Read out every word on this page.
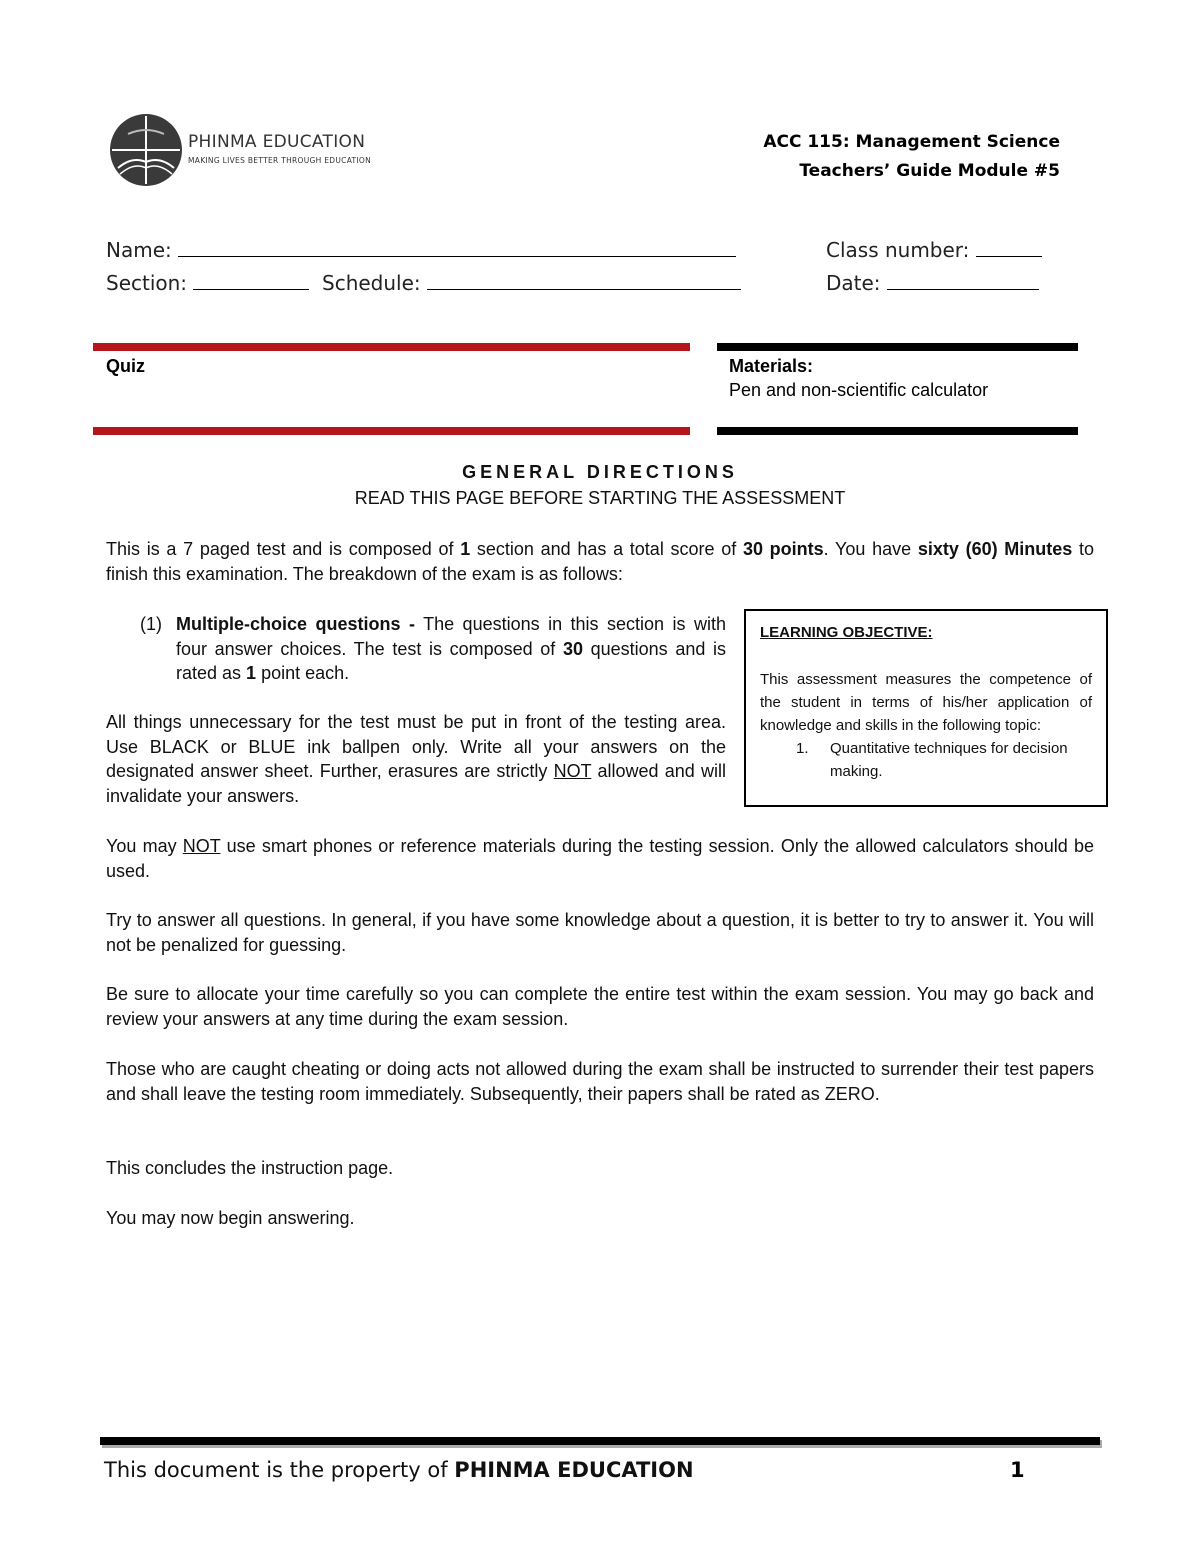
PHINMA EDUCATION
MAKING LIVES BETTER THROUGH EDUCATION
ACC 115: Management Science
Teachers’ Guide Module #5
Name:	Class number:
Section:	Schedule:	Date:
Quiz	Materials:
Pen and non-scientific calculator
GENERAL DIRECTIONS
READ THIS PAGE BEFORE STARTING THE ASSESSMENT
This is a 7 paged test and is composed of 1 section and has a total score of 30 points. You have sixty (60) Minutes to finish this examination. The breakdown of the exam is as follows:
(1) Multiple-choice questions - The questions in this section is with four answer choices. The test is composed of 30 questions and is rated as 1 point each.
All things unnecessary for the test must be put in front of the testing area. Use BLACK or BLUE ink ballpen only. Write all your answers on the designated answer sheet. Further, erasures are strictly NOT allowed and will invalidate your answers.
LEARNING OBJECTIVE:
This assessment measures the competence of the student in terms of his/her application of knowledge and skills in the following topic:
1. Quantitative techniques for decision making.
You may NOT use smart phones or reference materials during the testing session. Only the allowed calculators should be used.
Try to answer all questions. In general, if you have some knowledge about a question, it is better to try to answer it. You will not be penalized for guessing.
Be sure to allocate your time carefully so you can complete the entire test within the exam session. You may go back and review your answers at any time during the exam session.
Those who are caught cheating or doing acts not allowed during the exam shall be instructed to surrender their test papers and shall leave the testing room immediately. Subsequently, their papers shall be rated as ZERO.
This concludes the instruction page.
You may now begin answering.
This document is the property of PHINMA EDUCATION	1
